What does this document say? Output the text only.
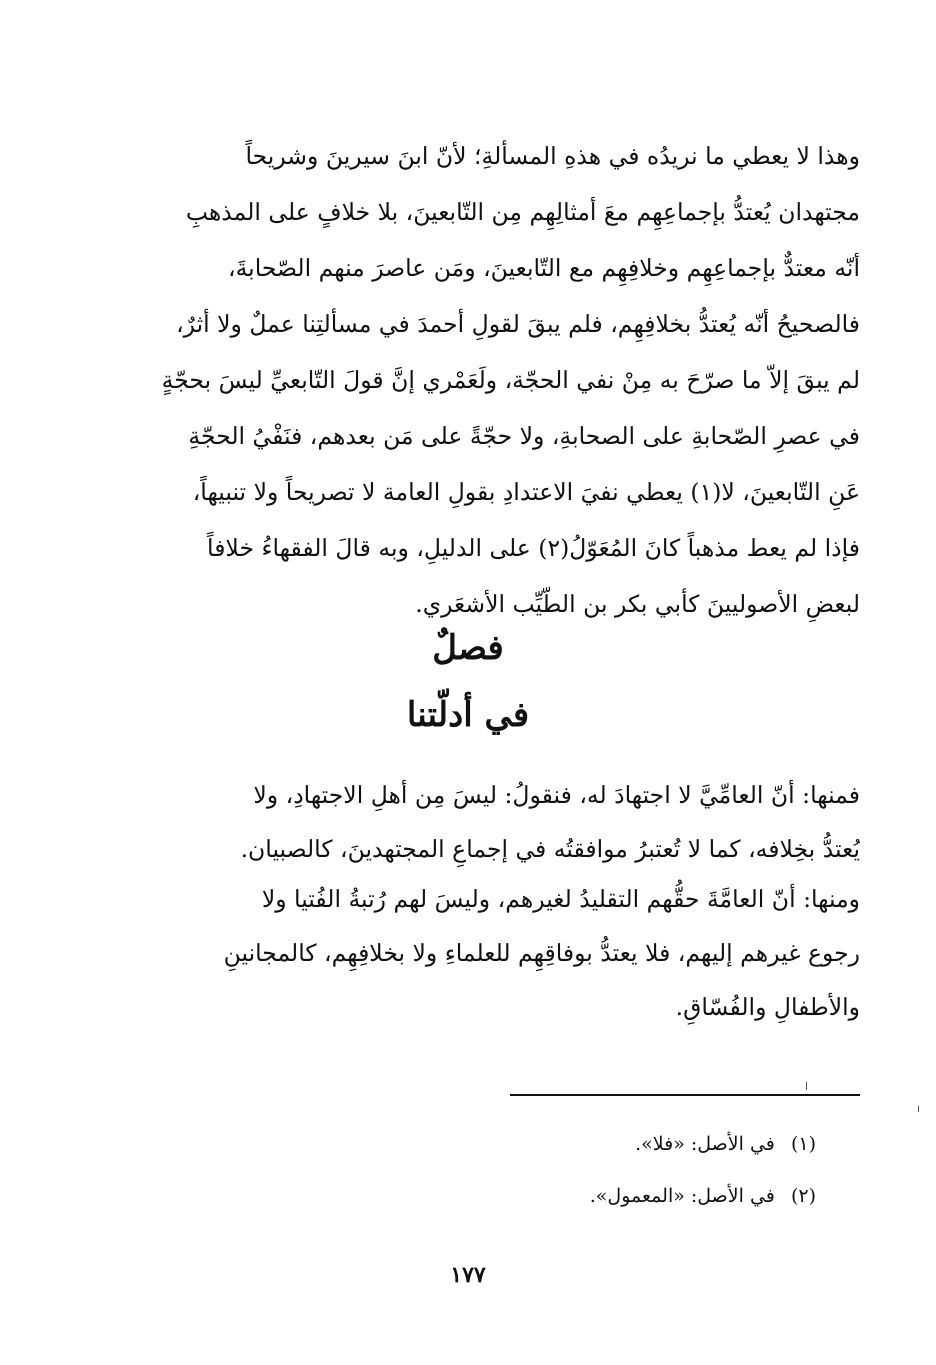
وهذا لا يعطي ما نريدُه في هذهِ المسألةِ؛ لأنّ ابنَ سيرينَ وشريحاً
مجتهدان يُعتدُّ بإجماعِهِم معَ أمثالِهِم مِن التّابعينَ، بلا خلافٍ على المذهبِ
أنّه معتدٌّ بإجماعِهِم وخلافِهِم مع التّابعينَ، ومَن عاصرَ منهم الصّحابةَ،
فالصحيحُ أنّه يُعتدُّ بخلافِهِم، فلم يبقَ لقولِ أحمدَ في مسألتِنا عملٌ ولا أثرٌ،
لم يبقَ إلاّ ما صرّحَ به مِنْ نفي الحجّة، ولَعَمْري إنَّ قولَ التّابعيِّ ليسَ بحجّةٍ
في عصرِ الصّحابةِ على الصحابةِ، ولا حجّةً على مَن بعدهم، فنَفْيُ الحجّةِ
عَنِ التّابعينَ، لا(١) يعطي نفيَ الاعتدادِ بقولِ العامة لا تصريحاً ولا تنبيهاً،
فإذا لم يعط مذهباً كانَ المُعَوّلُ(٢) على الدليلِ، وبه قالَ الفقهاءُ خلافاً
لبعضِ الأصوليينَ كأبي بكر بن الطّيِّب الأشعَري.

فصلٌ
في أدلّتنا

فمنها: أنّ العامِّيَّ لا اجتهادَ له، فنقولُ: ليسَ مِن أهلِ الاجتهادِ، ولا
يُعتدُّ بخِلافه، كما لا تُعتبرُ موافقتُه في إجماعِ المجتهدينَ، كالصبيان.

ومنها: أنّ العامَّةَ حقُّهم التقليدُ لغيرهم، وليسَ لهم رُتبةُ الفُتيا ولا
رجوع غيرهم إليهم، فلا يعتدُّ بوفاقِهِم للعلماءِ ولا بخلافِهِم، كالمجانينِ
والأطفالِ والفُسّاقِ.

(١) في الأصل: «فلا».
(٢) في الأصل: «المعمول».
١٧٧
